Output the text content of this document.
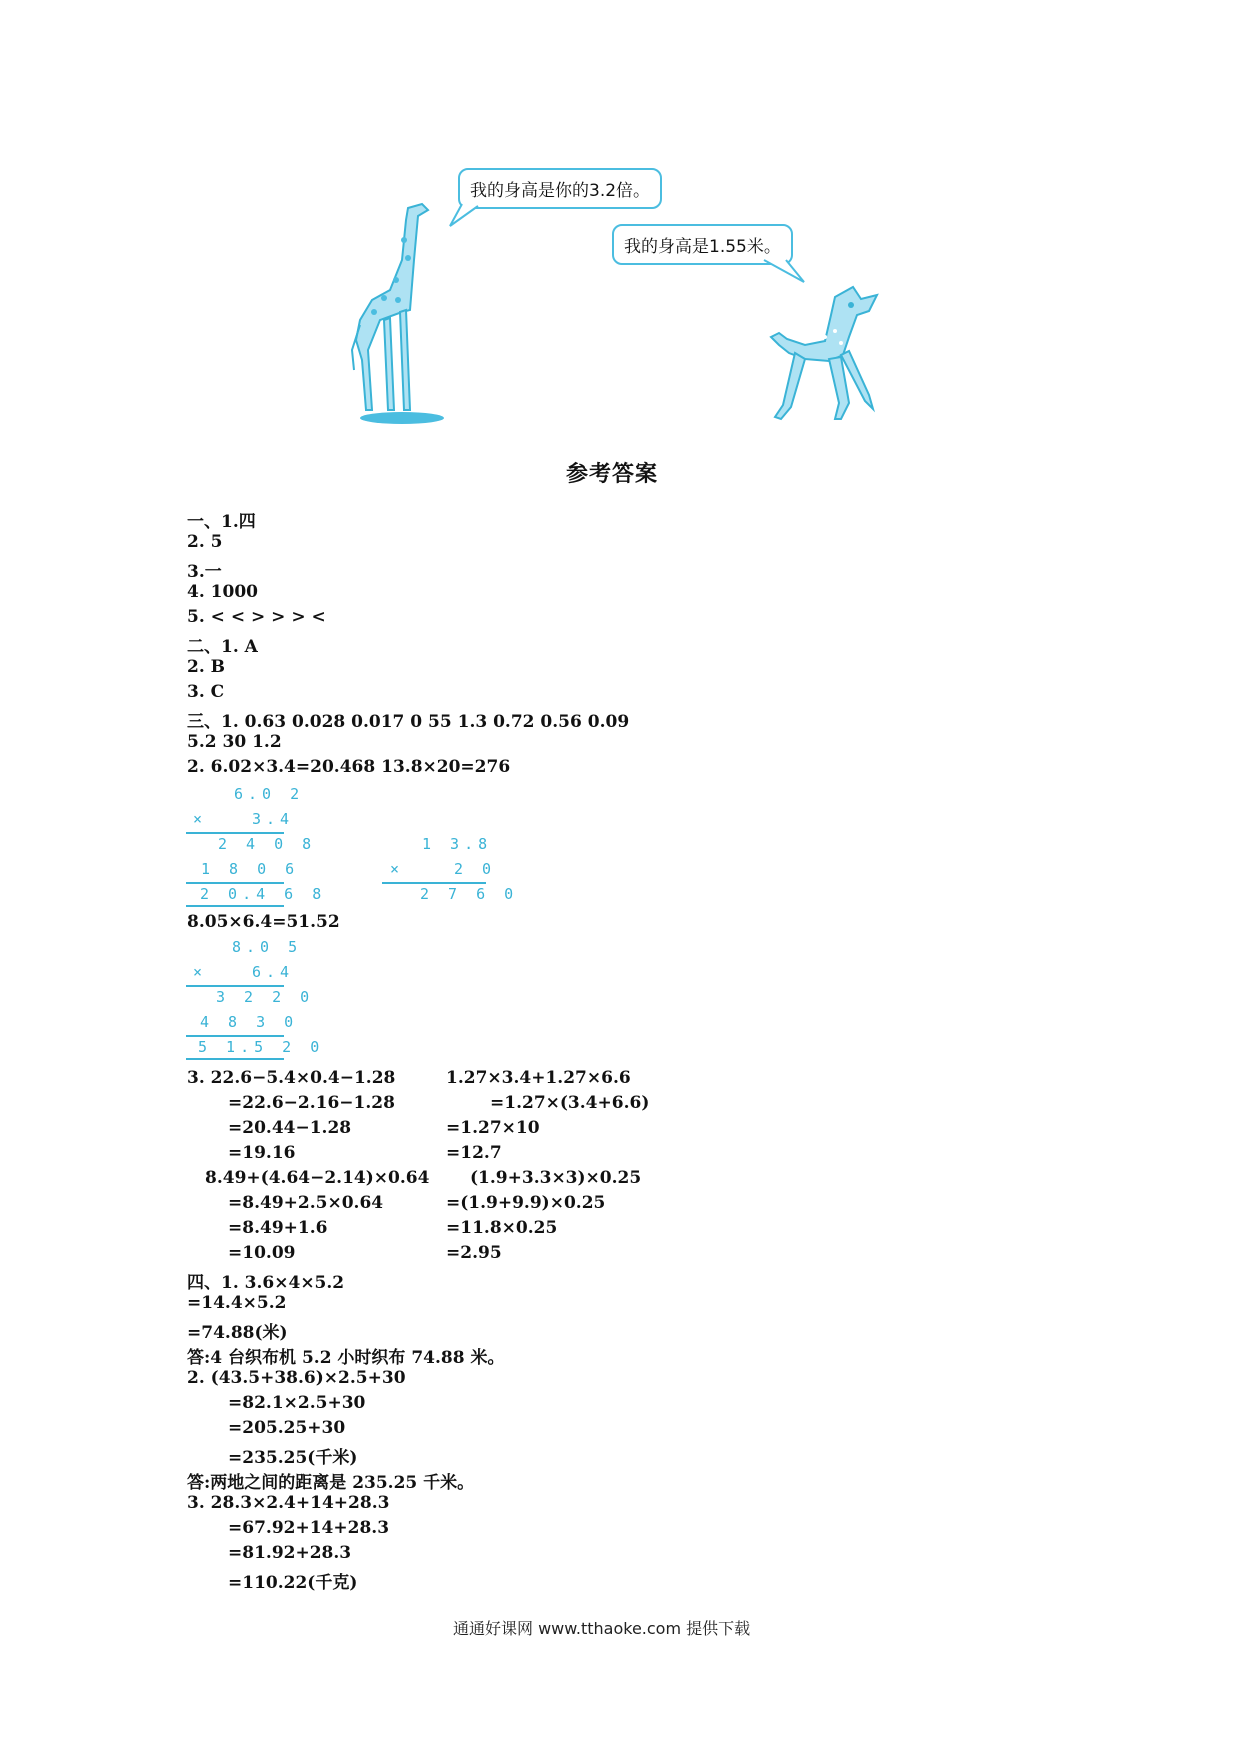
我的身高是你的3.2倍。
我的身高是1.55米。
参考答案
一、1.四
2. 5
3.一
4. 1000
5. < < > > > <
二、1. A
2. B
3. C
三、1. 0.63 0.028 0.017 0 55 1.3 0.72 0.56 0.09
5.2 30 1.2
2. 6.02×3.4=20.468 13.8×20=276
6.0 2
×	3.4
2 4 0 8
1 8 0 6
2 0.4 6 8
1 3.8
×	2 0
2 7 6 0
8.05×6.4=51.52
8.0 5
×	6.4
3 2 2 0
4 8 3 0
5 1.5 2 0
3. 22.6−5.4×0.4−1.28
=22.6−2.16−1.28
=20.44−1.28
=19.16
1.27×3.4+1.27×6.6
=1.27×(3.4+6.6)
=1.27×10
=12.7
8.49+(4.64−2.14)×0.64
=8.49+2.5×0.64
=8.49+1.6
=10.09
(1.9+3.3×3)×0.25
=(1.9+9.9)×0.25
=11.8×0.25
=2.95
四、1. 3.6×4×5.2
=14.4×5.2
=74.88(米)
答:4 台织布机 5.2 小时织布 74.88 米。
2. (43.5+38.6)×2.5+30
=82.1×2.5+30
=205.25+30
=235.25(千米)
答:两地之间的距离是 235.25 千米。
3. 28.3×2.4+14+28.3
=67.92+14+28.3
=81.92+28.3
=110.22(千克)
通通好课网 www.tthaoke.com 提供下载
